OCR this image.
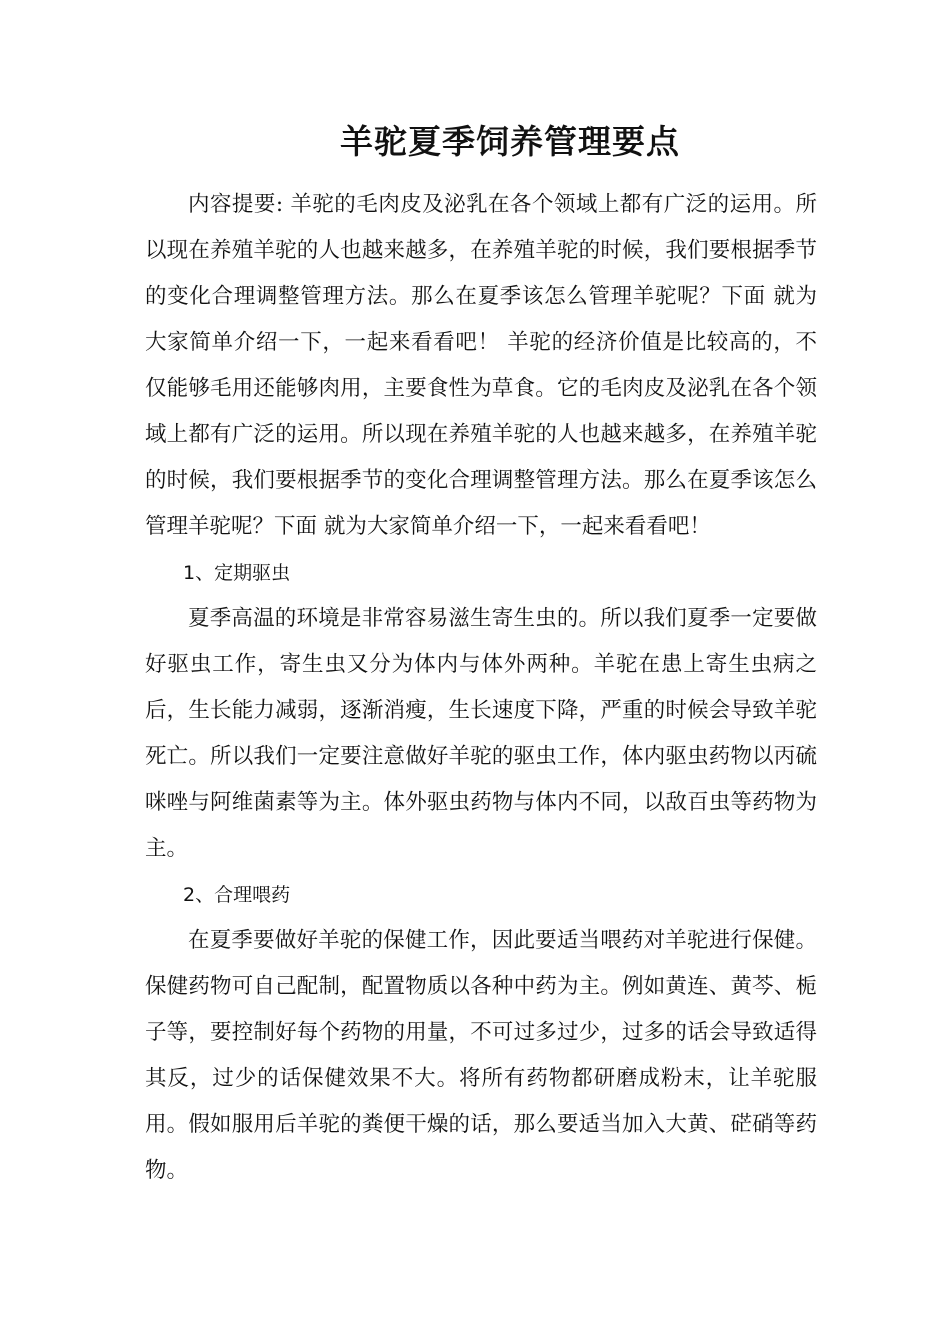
羊驼夏季饲养管理要点

内容提要: 羊驼的毛肉皮及泌乳在各个领域上都有广泛的运用。所以现在养殖羊驼的人也越来越多，在养殖羊驼的时候，我们要根据季节的变化合理调整管理方法。那么在夏季该怎么管理羊驼呢？下面 就为大家简单介绍一下，一起来看看吧！ 羊驼的经济价值是比较高的，不仅能够毛用还能够肉用，主要食性为草食。它的毛肉皮及泌乳在各个领域上都有广泛的运用。所以现在养殖羊驼的人也越来越多，在养殖羊驼的时候，我们要根据季节的变化合理调整管理方法。那么在夏季该怎么管理羊驼呢？下面 就为大家简单介绍一下，一起来看看吧！

1、定期驱虫

夏季高温的环境是非常容易滋生寄生虫的。所以我们夏季一定要做好驱虫工作，寄生虫又分为体内与体外两种。羊驼在患上寄生虫病之后，生长能力减弱，逐渐消瘦，生长速度下降，严重的时候会导致羊驼死亡。所以我们一定要注意做好羊驼的驱虫工作，体内驱虫药物以丙硫咪唑与阿维菌素等为主。体外驱虫药物与体内不同，以敌百虫等药物为主。

2、合理喂药

在夏季要做好羊驼的保健工作，因此要适当喂药对羊驼进行保健。保健药物可自己配制，配置物质以各种中药为主。例如黄连、黄芩、栀子等，要控制好每个药物的用量，不可过多过少，过多的话会导致适得其反，过少的话保健效果不大。将所有药物都研磨成粉末，让羊驼服用。假如服用后羊驼的粪便干燥的话，那么要适当加入大黄、硭硝等药物。
